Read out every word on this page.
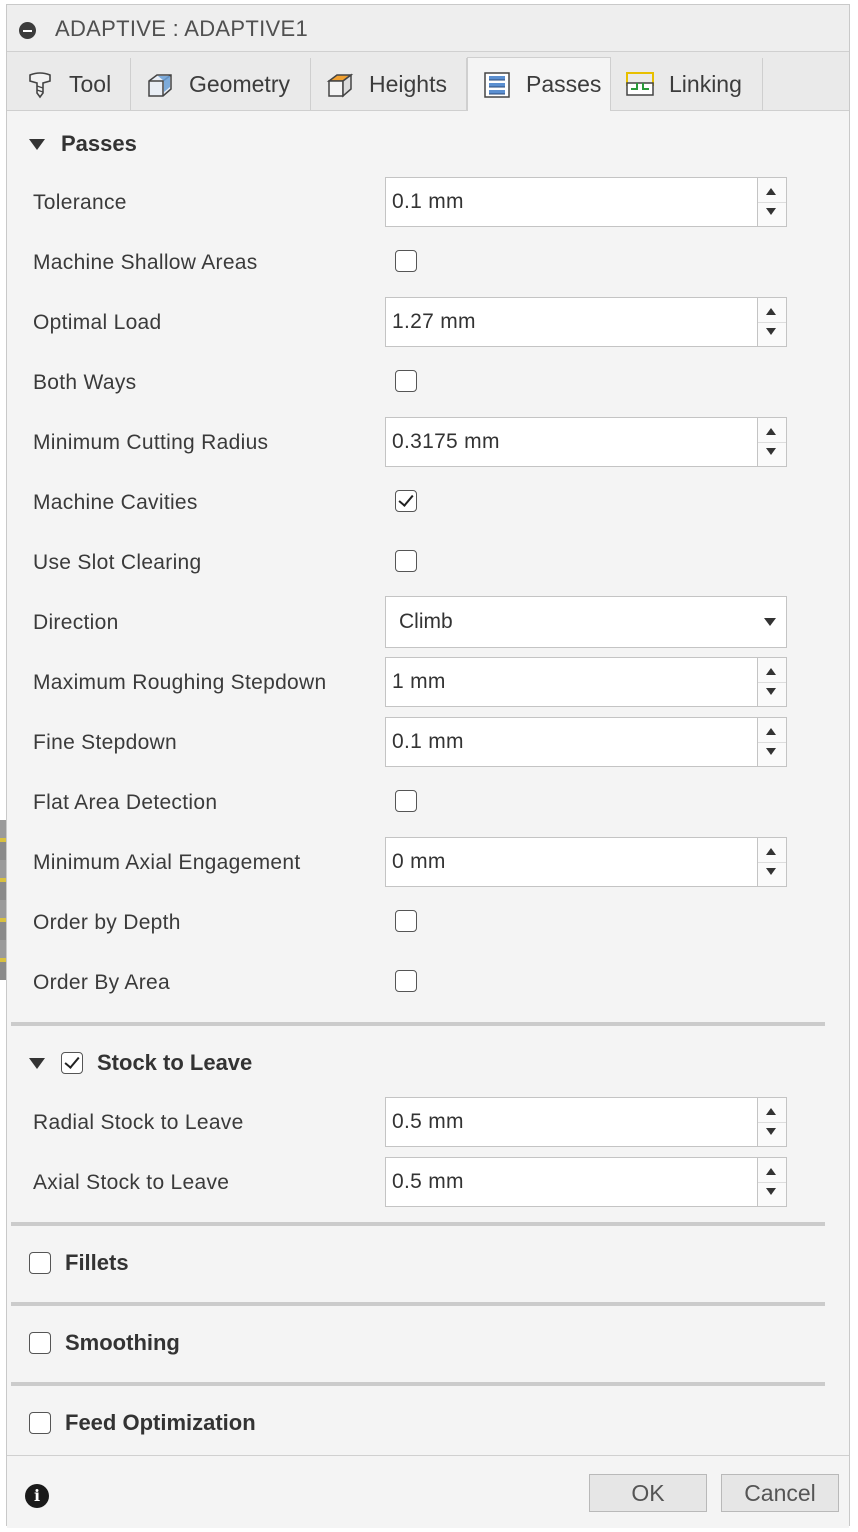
ADAPTIVE : ADAPTIVE1
Tool	Geometry	Heights	Passes	Linking
Passes
Tolerance	0.1 mm
Machine Shallow Areas
Optimal Load	1.27 mm
Both Ways
Minimum Cutting Radius	0.3175 mm
Machine Cavities
Use Slot Clearing
Direction	Climb
Maximum Roughing Stepdown	1 mm
Fine Stepdown	0.1 mm
Flat Area Detection
Minimum Axial Engagement	0 mm
Order by Depth
Order By Area
Stock to Leave
Radial Stock to Leave	0.5 mm
Axial Stock to Leave	0.5 mm
Fillets
Smoothing
Feed Optimization
i	OK	Cancel
